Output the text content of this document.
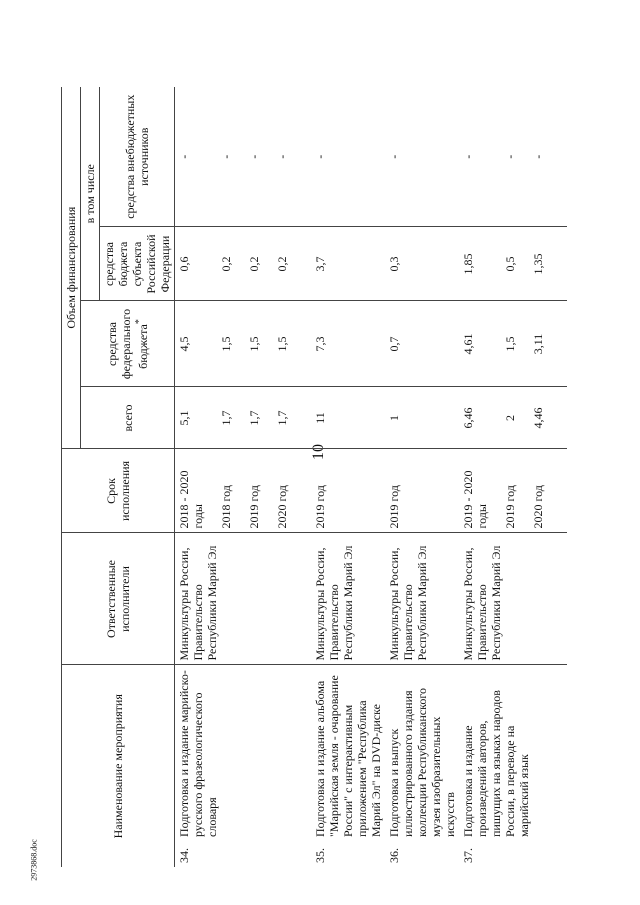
10
2973868.doc
Наименование мероприятия		Ответственные исполнители	Срок исполнения	Объем финансирования			
				всего	средства федерального бюджета*	в том числе	
						средства бюджета субъекта Российской Федерации	средства внебюджетных источников
34.	Подготовка и издание марийско-русского фразеологического словаря	Минкультуры России, Правительство Республики Марий Эл	2018 - 2020 годы	5,1	4,5	0,6	-
			2018 год	1,7	1,5	0,2	-
			2019 год	1,7	1,5	0,2	-
			2020 год	1,7	1,5	0,2	-
35.	Подготовка и издание альбома "Марийская земля - очарование России" с интерактивным приложением "Республика Марий Эл" на DVD-диске	Минкультуры России, Правительство Республики Марий Эл	2019 год	11	7,3	3,7	-
36.	Подготовка и выпуск иллюстрированного издания коллекции Республиканского музея изобразительных искусств	Минкультуры России, Правительство Республики Марий Эл	2019 год	1	0,7	0,3	-
37.	Подготовка и издание произведений авторов, пишущих на языках народов России, в переводе на марийский язык	Минкультуры России, Правительство Республики Марий Эл	2019 - 2020 годы	6,46	4,61	1,85	-
			2019 год	2	1,5	0,5	-
			2020 год	4,46	3,11	1,35	-
